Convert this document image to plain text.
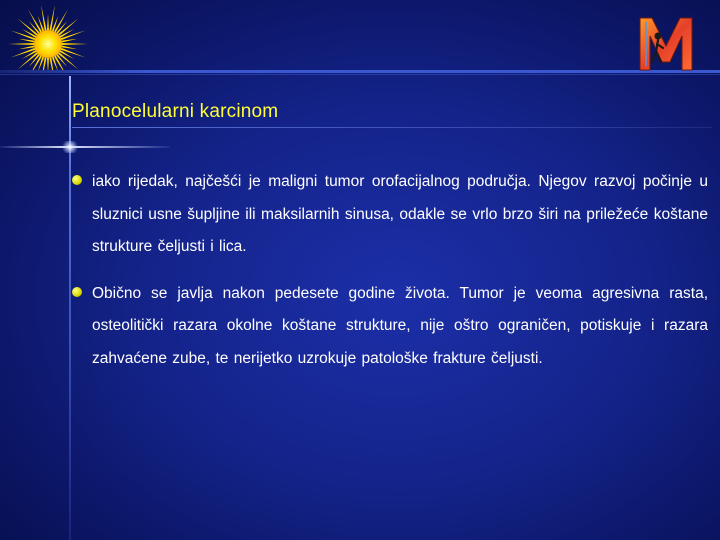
Planocelularni karcinom

iako rijedak, najčešći je maligni tumor orofacijalnog područja. Njegov razvoj počinje u sluznici usne šupljine ili maksilarnih sinusa, odakle se vrlo brzo širi na priležeće koštane strukture čeljusti i lica.

Obično se javlja nakon pedesete godine života. Tumor je veoma agresivna rasta, osteolitički razara okolne koštane strukture, nije oštro ograničen, potiskuje i razara zahvaćene zube, te nerijetko uzrokuje patološke frakture čeljusti.
